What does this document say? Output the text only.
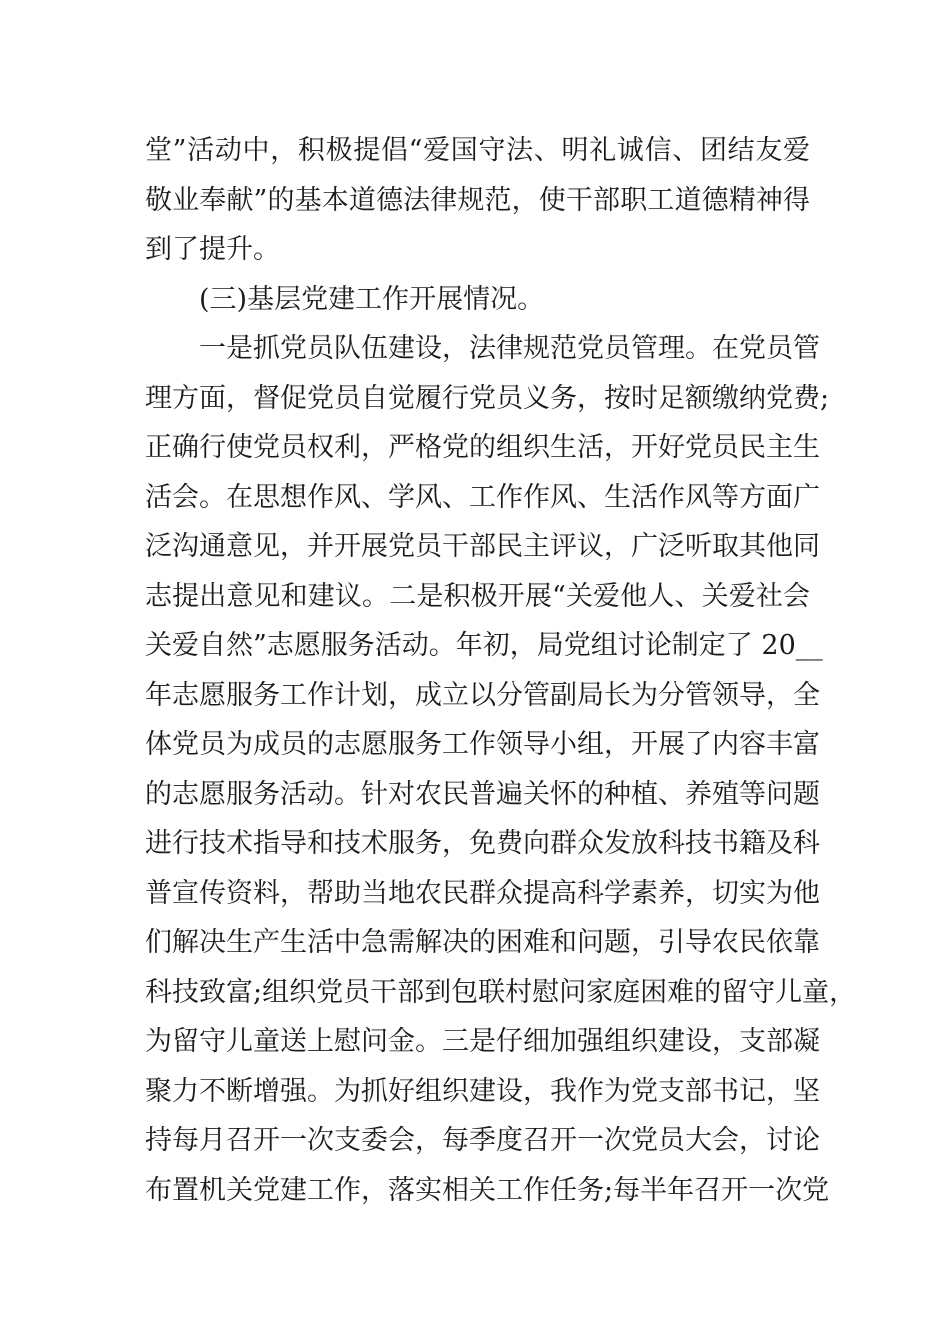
堂”活动中，积极提倡“爱国守法、明礼诚信、团结友爱
敬业奉献”的基本道德法律规范，使干部职工道德精神得
到了提升。
(三)基层党建工作开展情况。
一是抓党员队伍建设，法律规范党员管理。在党员管
理方面，督促党员自觉履行党员义务，按时足额缴纳党费;
正确行使党员权利，严格党的组织生活，开好党员民主生
活会。在思想作风、学风、工作作风、生活作风等方面广
泛沟通意见，并开展党员干部民主评议，广泛听取其他同
志提出意见和建议。二是积极开展“关爱他人、关爱社会
关爱自然”志愿服务活动。年初，局党组讨论制定了 20__
年志愿服务工作计划，成立以分管副局长为分管领导，全
体党员为成员的志愿服务工作领导小组，开展了内容丰富
的志愿服务活动。针对农民普遍关怀的种植、养殖等问题
进行技术指导和技术服务，免费向群众发放科技书籍及科
普宣传资料，帮助当地农民群众提高科学素养，切实为他
们解决生产生活中急需解决的困难和问题，引导农民依靠
科技致富;组织党员干部到包联村慰问家庭困难的留守儿童，
为留守儿童送上慰问金。三是仔细加强组织建设，支部凝
聚力不断增强。为抓好组织建设，我作为党支部书记，坚
持每月召开一次支委会，每季度召开一次党员大会，讨论
布置机关党建工作，落实相关工作任务;每半年召开一次党
